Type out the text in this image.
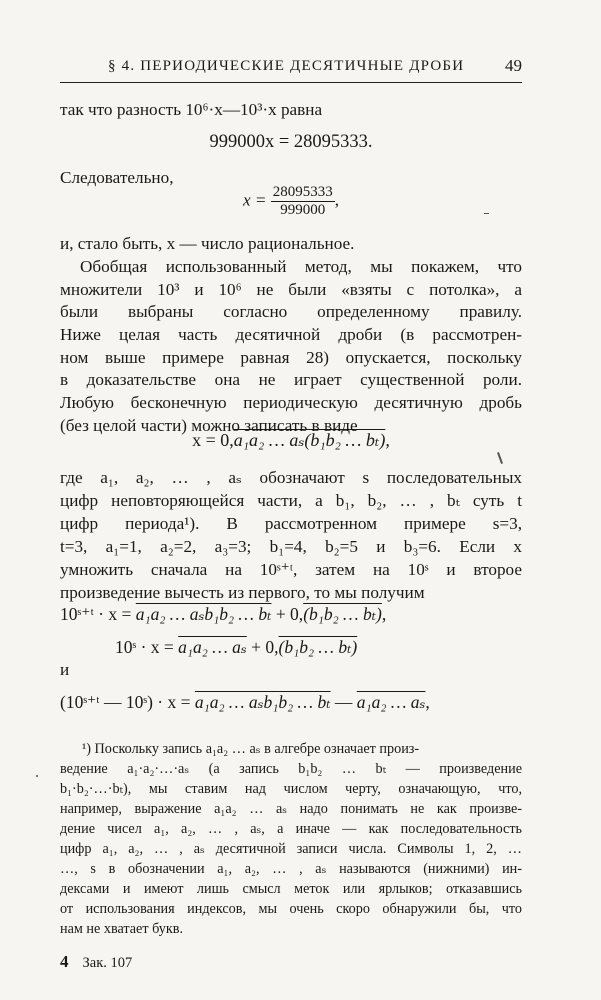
§ 4. ПЕРИОДИЧЕСКИЕ ДЕСЯТИЧНЫЕ ДРОБИ 49
так что разность 10⁶·x—10³·x равна
999000x = 28095333.
Следовательно,
$x = \frac{28095333}{999000}$ ,
и, стало быть, x — число рациональное.
Обобщая использованный метод, мы покажем, что
множители 10³ и 10⁶ не были «взяты с потолка», а
были выбраны согласно определенному правилу.
Ниже целая часть десятичной дроби (в рассмотрен-
ном выше примере равная 28) опускается, поскольку
в доказательстве она не играет существенной роли.
Любую бесконечную периодическую десятичную дробь
(без целой части) можно записать в виде
x = 0,a₁a₂ … aₛ(b₁b₂ … bₜ),
где a₁, a₂, … , aₛ обозначают s последовательных
цифр неповторяющейся части, а b₁, b₂, … , bₜ суть t
цифр периода¹). В рассмотренном примере s=3,
t=3, a₁=1, a₂=2, a₃=3; b₁=4, b₂=5 и b₃=6. Если x
умножить сначала на 10ˢ⁺ᵗ, затем на 10ˢ и второе
произведение вычесть из первого, то мы получим
10ˢ⁺ᵗ · x = a₁a₂ … aₛb₁b₂ … bₜ + 0,(b₁b₂ … bₜ),
10ˢ · x = a₁a₂ … aₛ + 0,(b₁b₂ … bₜ)
и
(10ˢ⁺ᵗ — 10ˢ) · x = a₁a₂ … aₛb₁b₂ … bₜ — a₁a₂ … aₛ,
¹) Поскольку запись a₁a₂ … aₛ в алгебре означает произ-
ведение a₁·a₂·…·aₛ (а запись b₁b₂ … bₜ — произведение
b₁·b₂·…·bₜ), мы ставим над числом черту, означающую, что,
например, выражение a₁a₂ … aₛ надо понимать не как произве-
дение чисел a₁, a₂, … , aₛ, а иначе — как последовательность
цифр a₁, a₂, … , aₛ десятичной записи числа. Символы 1, 2, …
…, s в обозначении a₁, a₂, … , aₛ называются (нижними) ин-
дексами и имеют лишь смысл меток или ярлыков; отказавшись
от использования индексов, мы очень скоро обнаружили бы, что
нам не хватает букв.
4 Зак. 107
